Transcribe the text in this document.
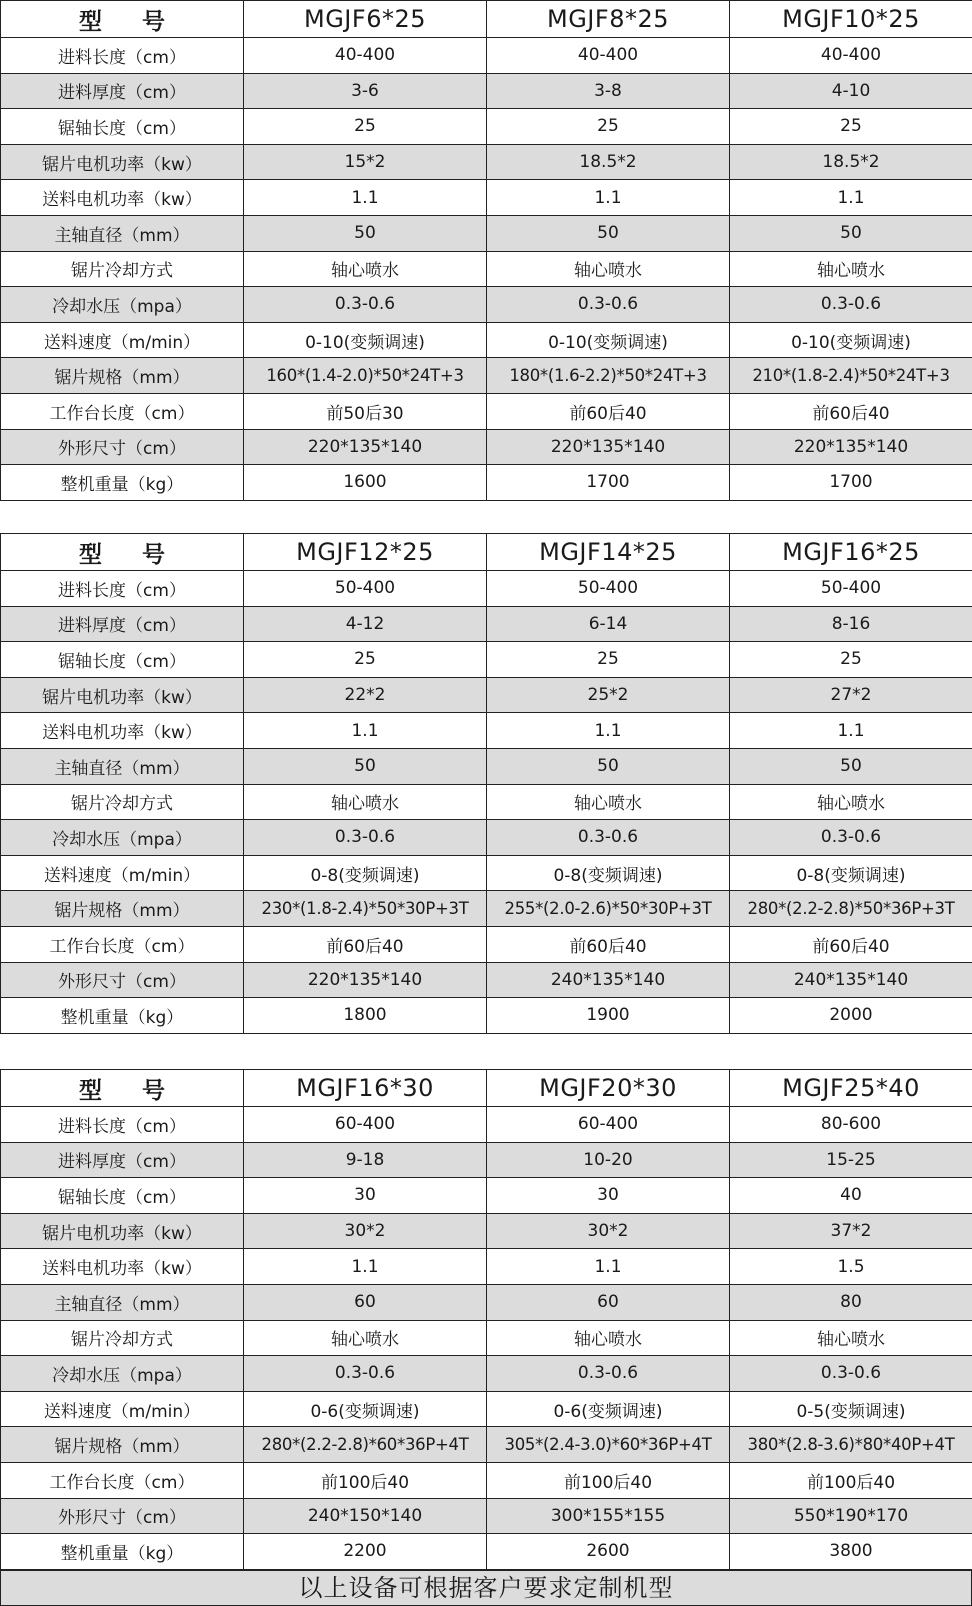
型 号	MGJF6*25	MGJF8*25	MGJF10*25
进料长度（cm）	40-400	40-400	40-400
进料厚度（cm）	3-6	3-8	4-10
锯轴长度（cm）	25	25	25
锯片电机功率（kw）	15*2	18.5*2	18.5*2
送料电机功率（kw）	1.1	1.1	1.1
主轴直径（mm）	50	50	50
锯片冷却方式	轴心喷水	轴心喷水	轴心喷水
冷却水压（mpa）	0.3-0.6	0.3-0.6	0.3-0.6
送料速度（m/min）	0-10(变频调速)	0-10(变频调速)	0-10(变频调速)
锯片规格（mm）	160*(1.4-2.0)*50*24T+3	180*(1.6-2.2)*50*24T+3	210*(1.8-2.4)*50*24T+3
工作台长度（cm）	前50后30	前60后40	前60后40
外形尺寸（cm）	220*135*140	220*135*140	220*135*140
整机重量（kg）	1600	1700	1700
型 号	MGJF12*25	MGJF14*25	MGJF16*25
进料长度（cm）	50-400	50-400	50-400
进料厚度（cm）	4-12	6-14	8-16
锯轴长度（cm）	25	25	25
锯片电机功率（kw）	22*2	25*2	27*2
送料电机功率（kw）	1.1	1.1	1.1
主轴直径（mm）	50	50	50
锯片冷却方式	轴心喷水	轴心喷水	轴心喷水
冷却水压（mpa）	0.3-0.6	0.3-0.6	0.3-0.6
送料速度（m/min）	0-8(变频调速)	0-8(变频调速)	0-8(变频调速)
锯片规格（mm）	230*(1.8-2.4)*50*30P+3T	255*(2.0-2.6)*50*30P+3T	280*(2.2-2.8)*50*36P+3T
工作台长度（cm）	前60后40	前60后40	前60后40
外形尺寸（cm）	220*135*140	240*135*140	240*135*140
整机重量（kg）	1800	1900	2000
型 号	MGJF16*30	MGJF20*30	MGJF25*40
进料长度（cm）	60-400	60-400	80-600
进料厚度（cm）	9-18	10-20	15-25
锯轴长度（cm）	30	30	40
锯片电机功率（kw）	30*2	30*2	37*2
送料电机功率（kw）	1.1	1.1	1.5
主轴直径（mm）	60	60	80
锯片冷却方式	轴心喷水	轴心喷水	轴心喷水
冷却水压（mpa）	0.3-0.6	0.3-0.6	0.3-0.6
送料速度（m/min）	0-6(变频调速)	0-6(变频调速)	0-5(变频调速)
锯片规格（mm）	280*(2.2-2.8)*60*36P+4T	305*(2.4-3.0)*60*36P+4T	380*(2.8-3.6)*80*40P+4T
工作台长度（cm）	前100后40	前100后40	前100后40
外形尺寸（cm）	240*150*140	300*155*155	550*190*170
整机重量（kg）	2200	2600	3800
以上设备可根据客户要求定制机型
